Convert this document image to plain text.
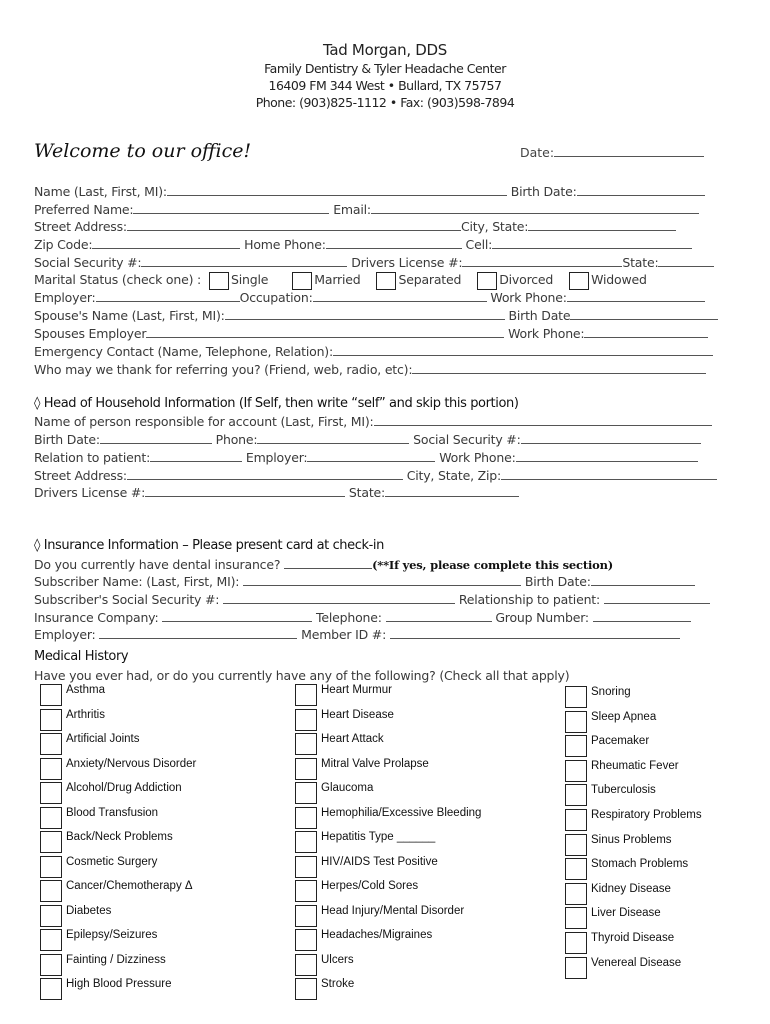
Tad Morgan, DDS
Family Dentistry & Tyler Headache Center
16409 FM 344 West • Bullard, TX 75757
Phone: (903)825-1112 • Fax: (903)598-7894
Welcome to our office!	Date:
Name (Last, First, MI):	Birth Date:
Preferred Name:	Email:
Street Address:	City, State:
Zip Code:	Home Phone:	Cell:
Social Security #:	Drivers License #:	State:
Marital Status (check one) : Single	Married	Separated	Divorced	Widowed
Employer:	Occupation:	Work Phone:
Spouse's Name (Last, First, MI):	Birth Date
Spouses Employer	Work Phone:
Emergency Contact (Name, Telephone, Relation):
Who may we thank for referring you? (Friend, web, radio, etc):
◊ Head of Household Information (If Self, then write “self” and skip this portion)
Name of person responsible for account (Last, First, MI):
Birth Date:	Phone:	Social Security #:
Relation to patient:	Employer:	Work Phone:
Street Address:	City, State, Zip:
Drivers License #:	State:
◊ Insurance Information – Please present card at check-in
Do you currently have dental insurance?	(**If yes, please complete this section)
Subscriber Name: (Last, First, MI):	Birth Date:
Subscriber's Social Security #:	Relationship to patient:
Insurance Company:	Telephone:	Group Number:
Employer:	Member ID #:
Medical History
Have you ever had, or do you currently have any of the following? (Check all that apply)
Asthma
Arthritis
Artificial Joints
Anxiety/Nervous Disorder
Alcohol/Drug Addiction
Blood Transfusion
Back/Neck Problems
Cosmetic Surgery
Cancer/Chemotherapy Δ
Diabetes
Epilepsy/Seizures
Fainting / Dizziness
High Blood Pressure
Heart Murmur
Heart Disease
Heart Attack
Mitral Valve Prolapse
Glaucoma
Hemophilia/Excessive Bleeding
Hepatitis Type ______
HIV/AIDS Test Positive
Herpes/Cold Sores
Head Injury/Mental Disorder
Headaches/Migraines
Ulcers
Stroke
Snoring
Sleep Apnea
Pacemaker
Rheumatic Fever
Tuberculosis
Respiratory Problems
Sinus Problems
Stomach Problems
Kidney Disease
Liver Disease
Thyroid Disease
Venereal Disease
